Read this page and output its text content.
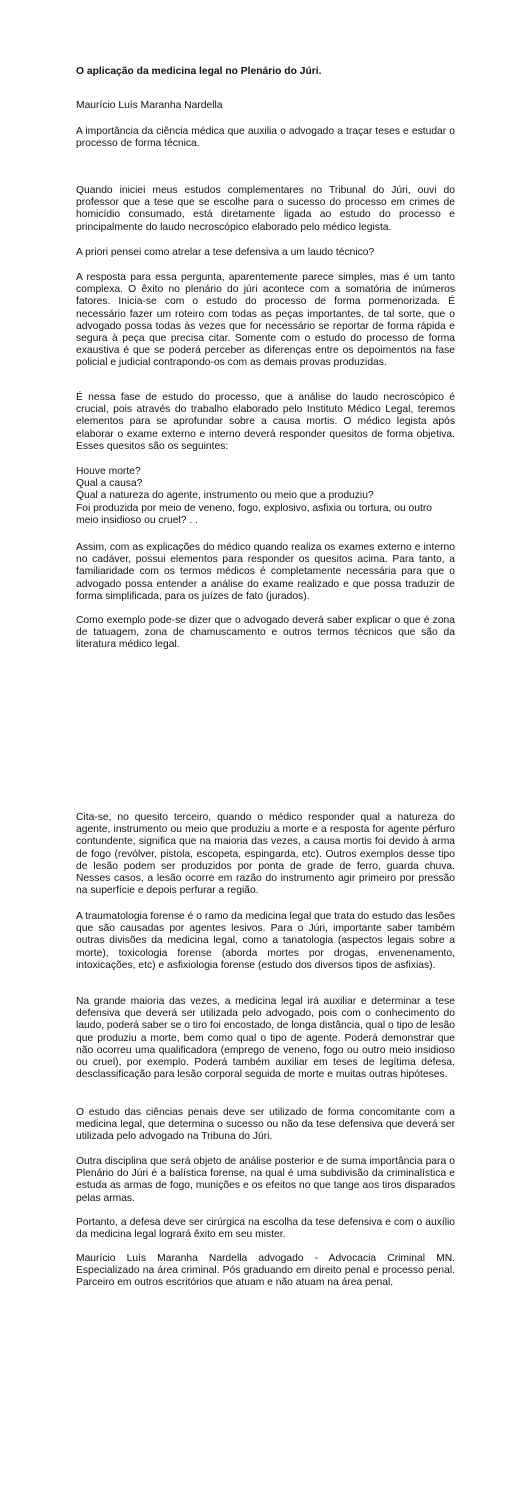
O aplicação da medicina legal no Plenário do Júri.

Maurício Luís Maranha Nardella

A importância da ciência médica que auxilia o advogado a traçar teses e estudar o processo de forma técnica.

Quando iniciei meus estudos complementares no Tribunal do Júri, ouvi do professor que a tese que se escolhe para o sucesso do processo em crimes de homicídio consumado, está diretamente ligada ao estudo do processo e principalmente do laudo necroscópico elaborado pelo médico legista.

A priori pensei como atrelar a tese defensiva a um laudo técnico?

A resposta para essa pergunta, aparentemente parece simples, mas é um tanto complexa. O êxito no plenário do júri acontece com a somatória de inúmeros fatores. Inicia-se com o estudo do processo de forma pormenorizada. É necessário fazer um roteiro com todas as peças importantes, de tal sorte, que o advogado possa todas às vezes que for necessário se reportar de forma rápida e segura à peça que precisa citar. Somente com o estudo do processo de forma exaustiva é que se poderá perceber as diferenças entre os depoimentos na fase policial e judicial contrapondo-os com as demais provas produzidas.

É nessa fase de estudo do processo, que a análise do laudo necroscópico é crucial, pois através do trabalho elaborado pelo Instituto Médico Legal, teremos elementos para se aprofundar sobre a causa mortis. O médico legista após elaborar o exame externo e interno deverá responder quesitos de forma objetiva. Esses quesitos são os seguintes:

Houve morte?
Qual a causa?
Qual a natureza do agente, instrumento ou meio que a produziu?
Foi produzida por meio de veneno, fogo, explosivo, asfixia ou tortura, ou outro meio insidioso ou cruel? . .

Assim, com as explicações do médico quando realiza os exames externo e interno no cadáver, possui elementos para responder os quesitos acima. Para tanto, a familiaridade com os termos médicos é completamente necessária para que o advogado possa entender a análise do exame realizado e que possa traduzir de forma simplificada, para os juízes de fato (jurados).

Como exemplo pode-se dizer que o advogado deverá saber explicar o que é zona de tatuagem, zona de chamuscamento e outros termos técnicos que são da literatura médico legal.

Cita-se, no quesito terceiro, quando o médico responder qual a natureza do agente, instrumento ou meio que produziu a morte e a resposta for agente pérfuro contundente, significa que na maioria das vezes, a causa mortis foi devido à arma de fogo (revólver, pistola, escopeta, espingarda, etc). Outros exemplos desse tipo de lesão podem ser produzidos por ponta de grade de ferro, guarda chuva. Nesses casos, a lesão ocorre em razão do instrumento agir primeiro por pressão na superfície e depois perfurar a região.

A traumatologia forense é o ramo da medicina legal que trata do estudo das lesões que são causadas por agentes lesivos. Para o Júri, importante saber também outras divisões da medicina legal, como a tanatologia (aspectos legais sobre a morte), toxicologia forense (aborda mortes por drogas, envenenamento, intoxicações, etc) e asfixiologia forense (estudo dos diversos tipos de asfixias).

Na grande maioria das vezes, a medicina legal irá auxiliar e determinar a tese defensiva que deverá ser utilizada pelo advogado, pois com o conhecimento do laudo, poderá saber se o tiro foi encostado, de longa distância, qual o tipo de lesão que produziu a morte, bem como qual o tipo de agente. Poderá demonstrar que não ocorreu uma qualificadora (emprego de veneno, fogo ou outro meio insidioso ou cruel), por exemplo. Poderá também auxiliar em teses de legítima defesa, desclassificação para lesão corporal seguida de morte e muitas outras hipóteses.

O estudo das ciências penais deve ser utilizado de forma concomitante com a medicina legal, que determina o sucesso ou não da tese defensiva que deverá ser utilizada pelo advogado na Tribuna do Júri.

Outra disciplina que será objeto de análise posterior e de suma importância para o Plenário do Júri é a balística forense, na qual é uma subdivisão da criminalística e estuda as armas de fogo, munições e os efeitos no que tange aos tiros disparados pelas armas.

Portanto, a defesa deve ser cirúrgica na escolha da tese defensiva e com o auxílio da medicina legal logrará êxito em seu mister.

Maurício Luís Maranha Nardella advogado - Advocacia Criminal MN. Especializado na área criminal. Pós graduando em direito penal e processo penal. Parceiro em outros escritórios que atuam e não atuam na área penal.
